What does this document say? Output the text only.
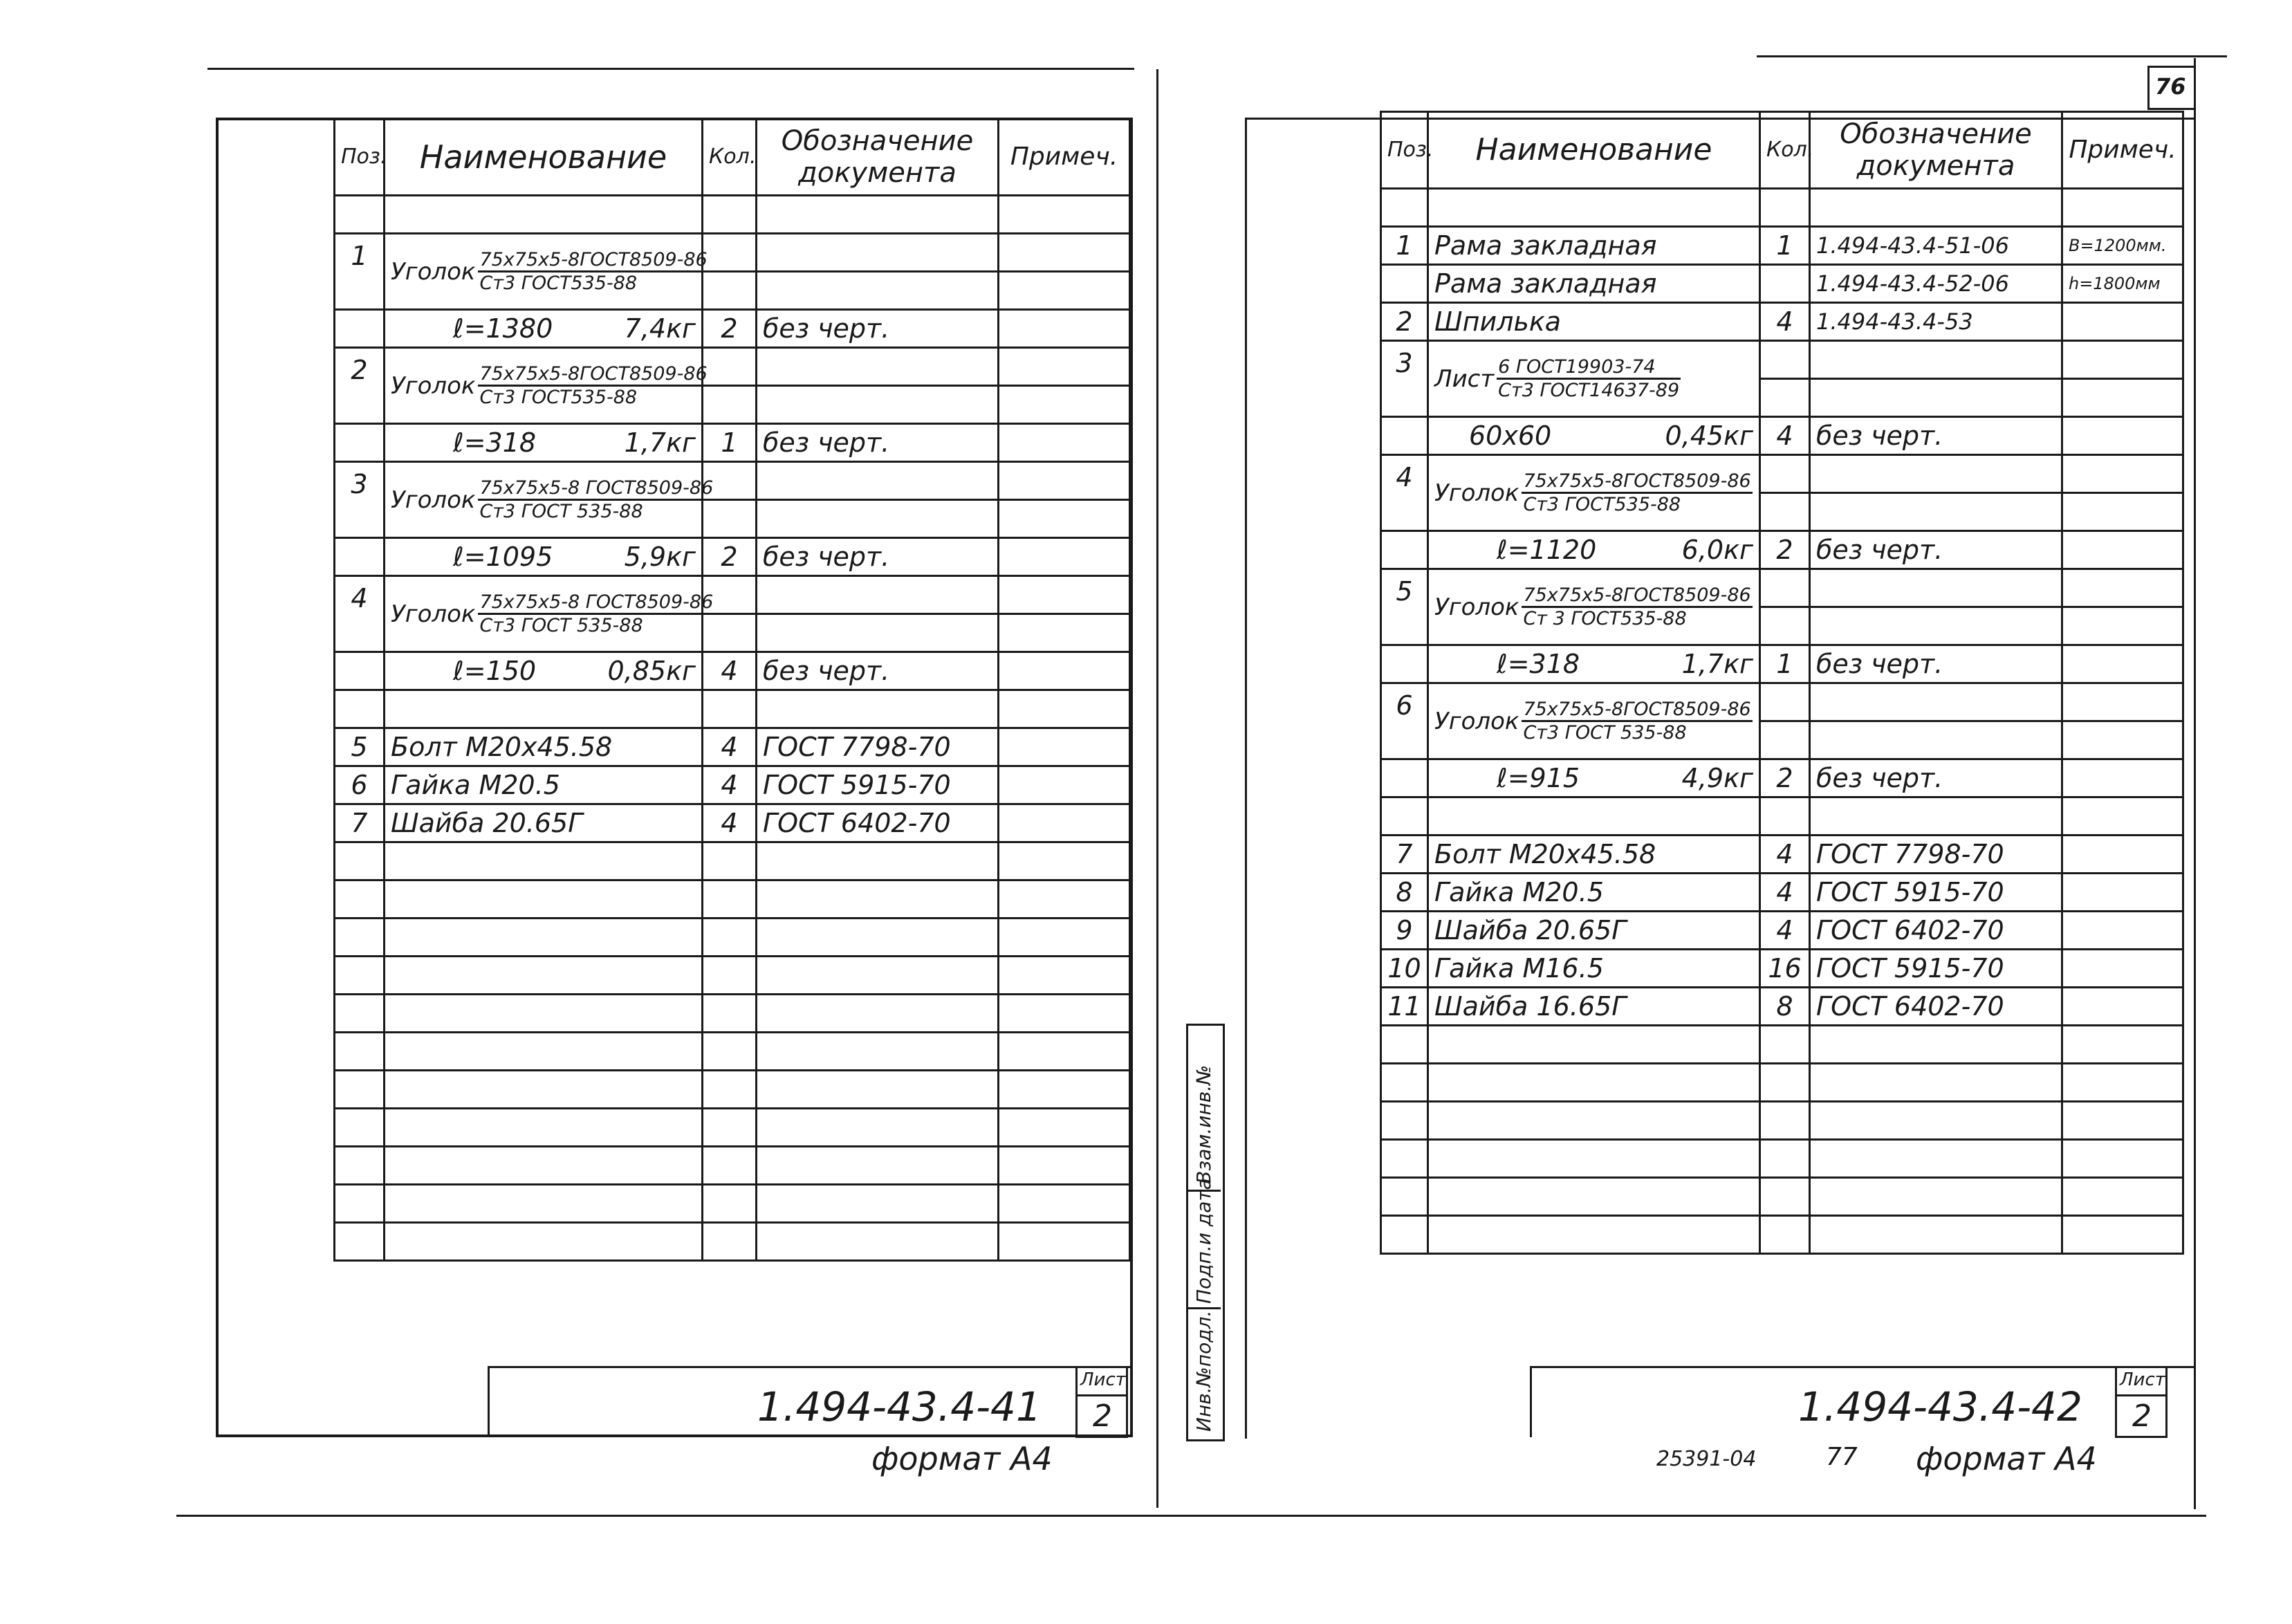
76
Поз.	Наименование	Кол.	Обозначение документа	Примеч.

1	Уголок $\frac{\text{75x75x5-8ГОСТ8509-86}}{\text{Ст3 ГОСТ535-88}}$

	ℓ=1380 7,4кг	2	без черт.	
2	Уголок $\frac{\text{75x75x5-8ГОСТ8509-86}}{\text{Ст3 ГОСТ535-88}}$

	ℓ=318 1,7кг	1	без черт.	
3	Уголок $\frac{\text{75x75x5-8 ГОСТ8509-86}}{\text{Ст3 ГОСТ 535-88}}$

	ℓ=1095 5,9кг	2	без черт.	
4	Уголок $\frac{\text{75x75x5-8 ГОСТ8509-86}}{\text{Ст3 ГОСТ 535-88}}$

	ℓ=150 0,85кг	4	без черт.	

5	Болт М20х45.58	4	ГОСТ 7798-70	
6	Гайка М20.5	4	ГОСТ 5915-70	
7	Шайба 20.65Г	4	ГОСТ 6402-70	

1.494-43.4-41
Лист
2
формат А4
Инв.№подл.
Подп.и дата
Взам.инв.№
Поз.	Наименование	Кол.	Обозначение документа	Примеч.

1	Рама закладная	1	1.494-43.4-51-06	В=1200мм.
	Рама закладная		1.494-43.4-52-06	h=1800мм
2	Шпилька	4	1.494-43.4-53	
3	Лист $\frac{\text{6 ГОСТ19903-74}}{\text{Ст3 ГОСТ14637-89}}$

	60х60 0,45кг	4	без черт.	
4	Уголок $\frac{\text{75x75x5-8ГОСТ8509-86}}{\text{Ст3 ГОСТ535-88}}$

	ℓ=1120 6,0кг	2	без черт.	
5	Уголок $\frac{\text{75x75x5-8ГОСТ8509-86}}{\text{Ст 3 ГОСТ535-88}}$

	ℓ=318 1,7кг	1	без черт.	
6	Уголок $\frac{\text{75x75x5-8ГОСТ8509-86}}{\text{Ст3 ГОСТ 535-88}}$

	ℓ=915 4,9кг	2	без черт.	

7	Болт М20х45.58	4	ГОСТ 7798-70	
8	Гайка М20.5	4	ГОСТ 5915-70	
9	Шайба 20.65Г	4	ГОСТ 6402-70	
10	Гайка М16.5	16	ГОСТ 5915-70	
11	Шайба 16.65Г	8	ГОСТ 6402-70	

1.494-43.4-42
Лист
2
25391-04	77 формат А4
